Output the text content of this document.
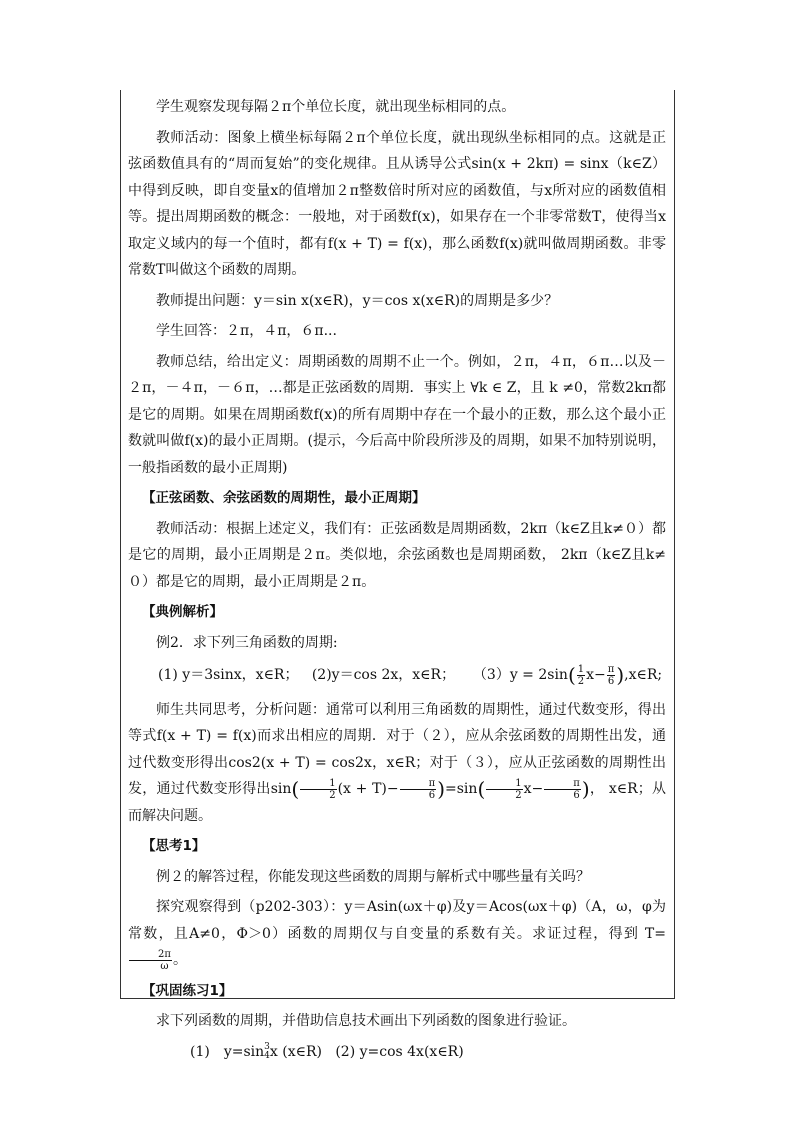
学生观察发现每隔２π个单位长度，就出现坐标相同的点。

教师活动：图象上横坐标每隔２π个单位长度，就出现纵坐标相同的点。这就是正弦函数值具有的“周而复始”的变化规律。且从诱导公式sin(x + 2kπ) = sinx（k∈Z）中得到反映，即自变量x的值增加２π整数倍时所对应的函数值，与x所对应的函数值相等。提出周期函数的概念：一般地，对于函数f(x)，如果存在一个非零常数T，使得当x取定义域内的每一个值时，都有f(x + T) = f(x)，那么函数f(x)就叫做周期函数。非零常数T叫做这个函数的周期。

教师提出问题：y＝sin x(x∈R)，y＝cos x(x∈R)的周期是多少？

学生回答：２π，４π，６π...

教师总结，给出定义：周期函数的周期不止一个。例如，２π，４π，６π…以及－２π，－４π，－６π，…都是正弦函数的周期．事实上 ∀k ∈ Z，且 k ≠0，常数2kπ都是它的周期。如果在周期函数f(x)的所有周期中存在一个最小的正数，那么这个最小正数就叫做f(x)的最小正周期。(提示，今后高中阶段所涉及的周期，如果不加特别说明，一般指函数的最小正周期)

【正弦函数、余弦函数的周期性，最小正周期】

教师活动：根据上述定义，我们有：正弦函数是周期函数，2kπ（k∈Z且k≠０）都是它的周期，最小正周期是２π。类似地，余弦函数也是周期函数， 2kπ（k∈Z且k≠０）都是它的周期，最小正周期是２π。

【典例解析】

例2．求下列三角函数的周期:

(1) y＝3sinx，x∈R； (2)y＝cos 2x，x∈R； $(3)y = 2\sin( \frac{1}{2} x- \frac{\pi}{6}$ ),x∈R;

师生共同思考，分析问题：通常可以利用三角函数的周期性，通过代数变形，得出等式f(x + T) = f(x)而求出相应的周期．对于（２），应从余弦函数的周期性出发，通过代数变形得出cos2(x + T) = cos2x，x∈R；对于（３），应从正弦函数的周期性出发，通过代数变形得出$\sin( \frac{1}{2} (x + T)- \frac{\pi}{6} )=\sin( \frac{1}{2} x- \frac{\pi}{6}$ )， x∈R；从而解决问题。

【思考1】

例２的解答过程，你能发现这些函数的周期与解析式中哪些量有关吗？

探究观察得到（p202-303）：y＝Asin(ωx＋φ)及y＝Acos(ωx＋φ)（A，ω，φ为常数，且A≠0，Φ＞0）函数的周期仅与自变量的系数有关。求证过程，得到 T=
$\frac{2\pi}{\omega}$ 。

【巩固练习1】

求下列函数的周期，并借助信息技术画出下列函数的图象进行验证。

(1)　y=sin 3
4 x (x∈R) (2) y=cos 4x(x∈R)
